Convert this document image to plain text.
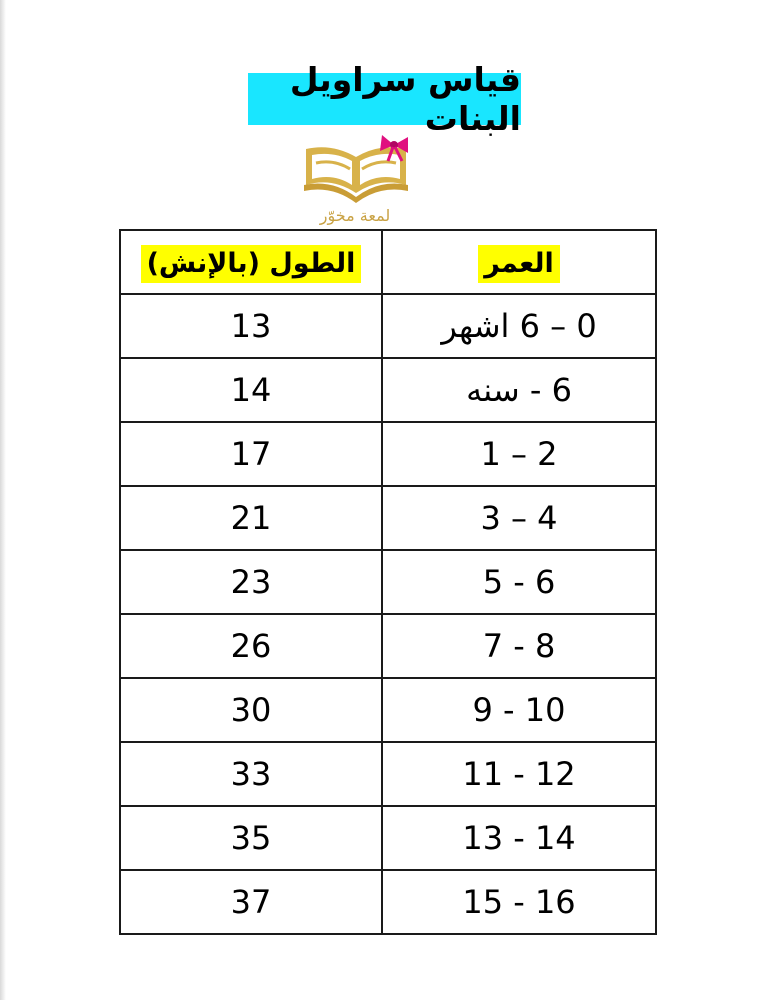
قياس سراويل البنات
لمعة مخوّر
الطول (بالإنش)	العمر
13	0 – 6 اشهر
14	6 - سنه
17	1 – 2
21	3 – 4
23	5 - 6
26	7 - 8
30	9 - 10
33	11 - 12
35	13 - 14
37	15 - 16
